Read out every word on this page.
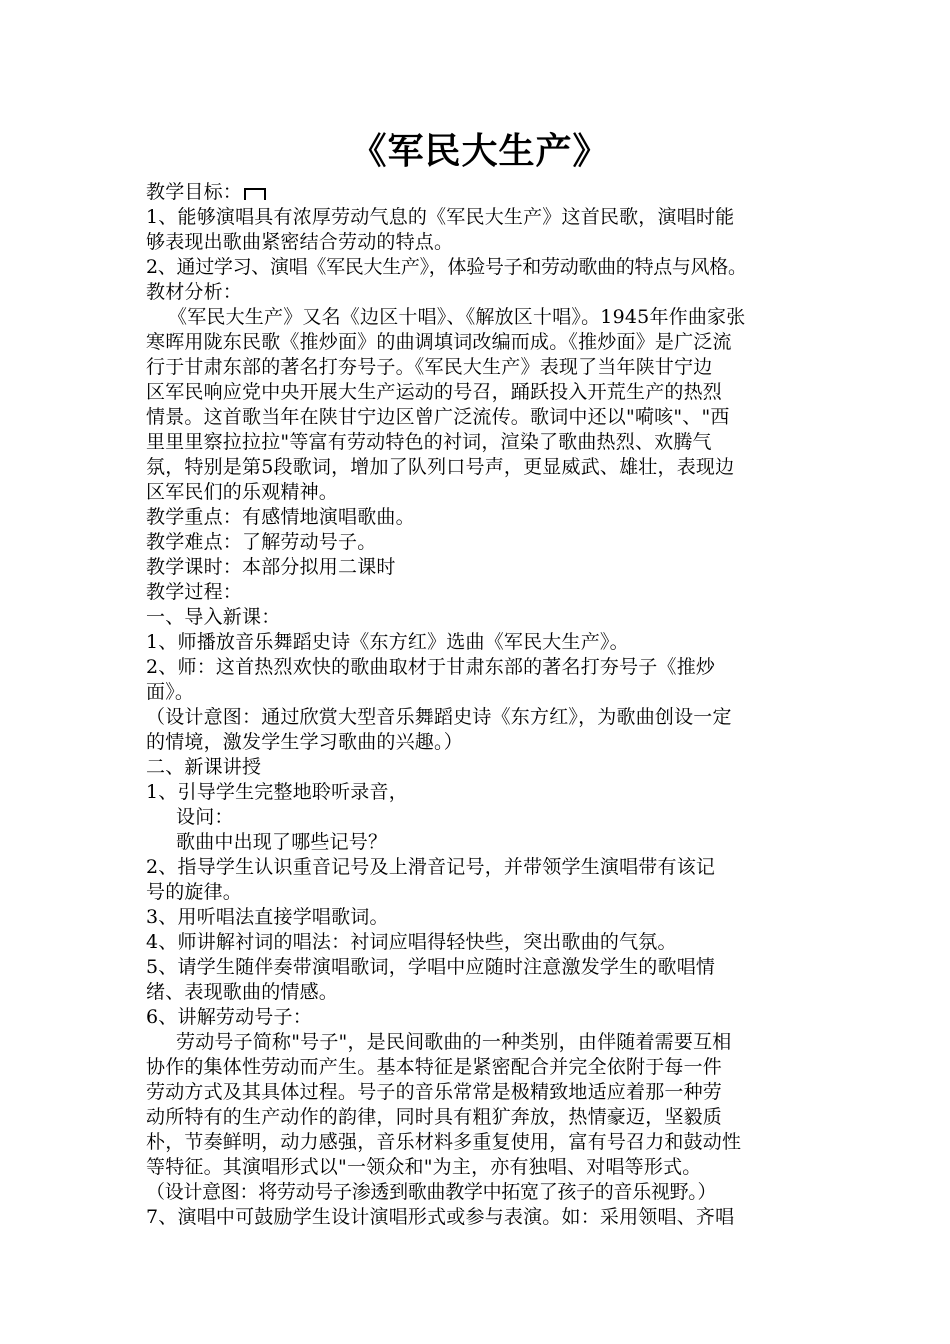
《军民大生产》

教学目标：

1、能够演唱具有浓厚劳动气息的《军民大生产》这首民歌，演唱时能

够表现出歌曲紧密结合劳动的特点。

2、通过学习、演唱《军民大生产》，体验号子和劳动歌曲的特点与风格。

教材分析：

《军民大生产》又名《边区十唱》、《解放区十唱》。1945年作曲家张

寒晖用陇东民歌《推炒面》的曲调填词改编而成。《推炒面》是广泛流

行于甘肃东部的著名打夯号子。《军民大生产》表现了当年陕甘宁边

区军民响应党中央开展大生产运动的号召，踊跃投入开荒生产的热烈

情景。这首歌当年在陕甘宁边区曾广泛流传。歌词中还以"嗬咳"、"西

里里里察拉拉拉"等富有劳动特色的衬词，渲染了歌曲热烈、欢腾气

氛，特别是第5段歌词，增加了队列口号声，更显威武、雄壮，表现边

区军民们的乐观精神。

教学重点：有感情地演唱歌曲。

教学难点：了解劳动号子。

教学课时：本部分拟用二课时

教学过程：

一、导入新课：

1、师播放音乐舞蹈史诗《东方红》选曲《军民大生产》。

2、师：这首热烈欢快的歌曲取材于甘肃东部的著名打夯号子《推炒

面》。

（设计意图：通过欣赏大型音乐舞蹈史诗《东方红》，为歌曲创设一定

的情境，激发学生学习歌曲的兴趣。）

二、新课讲授

1、引导学生完整地聆听录音，

设问：

歌曲中出现了哪些记号？

2、指导学生认识重音记号及上滑音记号，并带领学生演唱带有该记

号的旋律。

3、用听唱法直接学唱歌词。

4、师讲解衬词的唱法：衬词应唱得轻快些，突出歌曲的气氛。

5、请学生随伴奏带演唱歌词，学唱中应随时注意激发学生的歌唱情

绪、表现歌曲的情感。

6、讲解劳动号子：

劳动号子简称"号子"，是民间歌曲的一种类别，由伴随着需要互相

协作的集体性劳动而产生。基本特征是紧密配合并完全依附于每一件

劳动方式及其具体过程。号子的音乐常常是极精致地适应着那一种劳

动所特有的生产动作的韵律，同时具有粗犷奔放，热情豪迈，坚毅质

朴，节奏鲜明，动力感强，音乐材料多重复使用，富有号召力和鼓动性

等特征。其演唱形式以"一领众和"为主，亦有独唱、对唱等形式。

（设计意图：将劳动号子渗透到歌曲教学中拓宽了孩子的音乐视野。）

7、演唱中可鼓励学生设计演唱形式或参与表演。如：采用领唱、齐唱
